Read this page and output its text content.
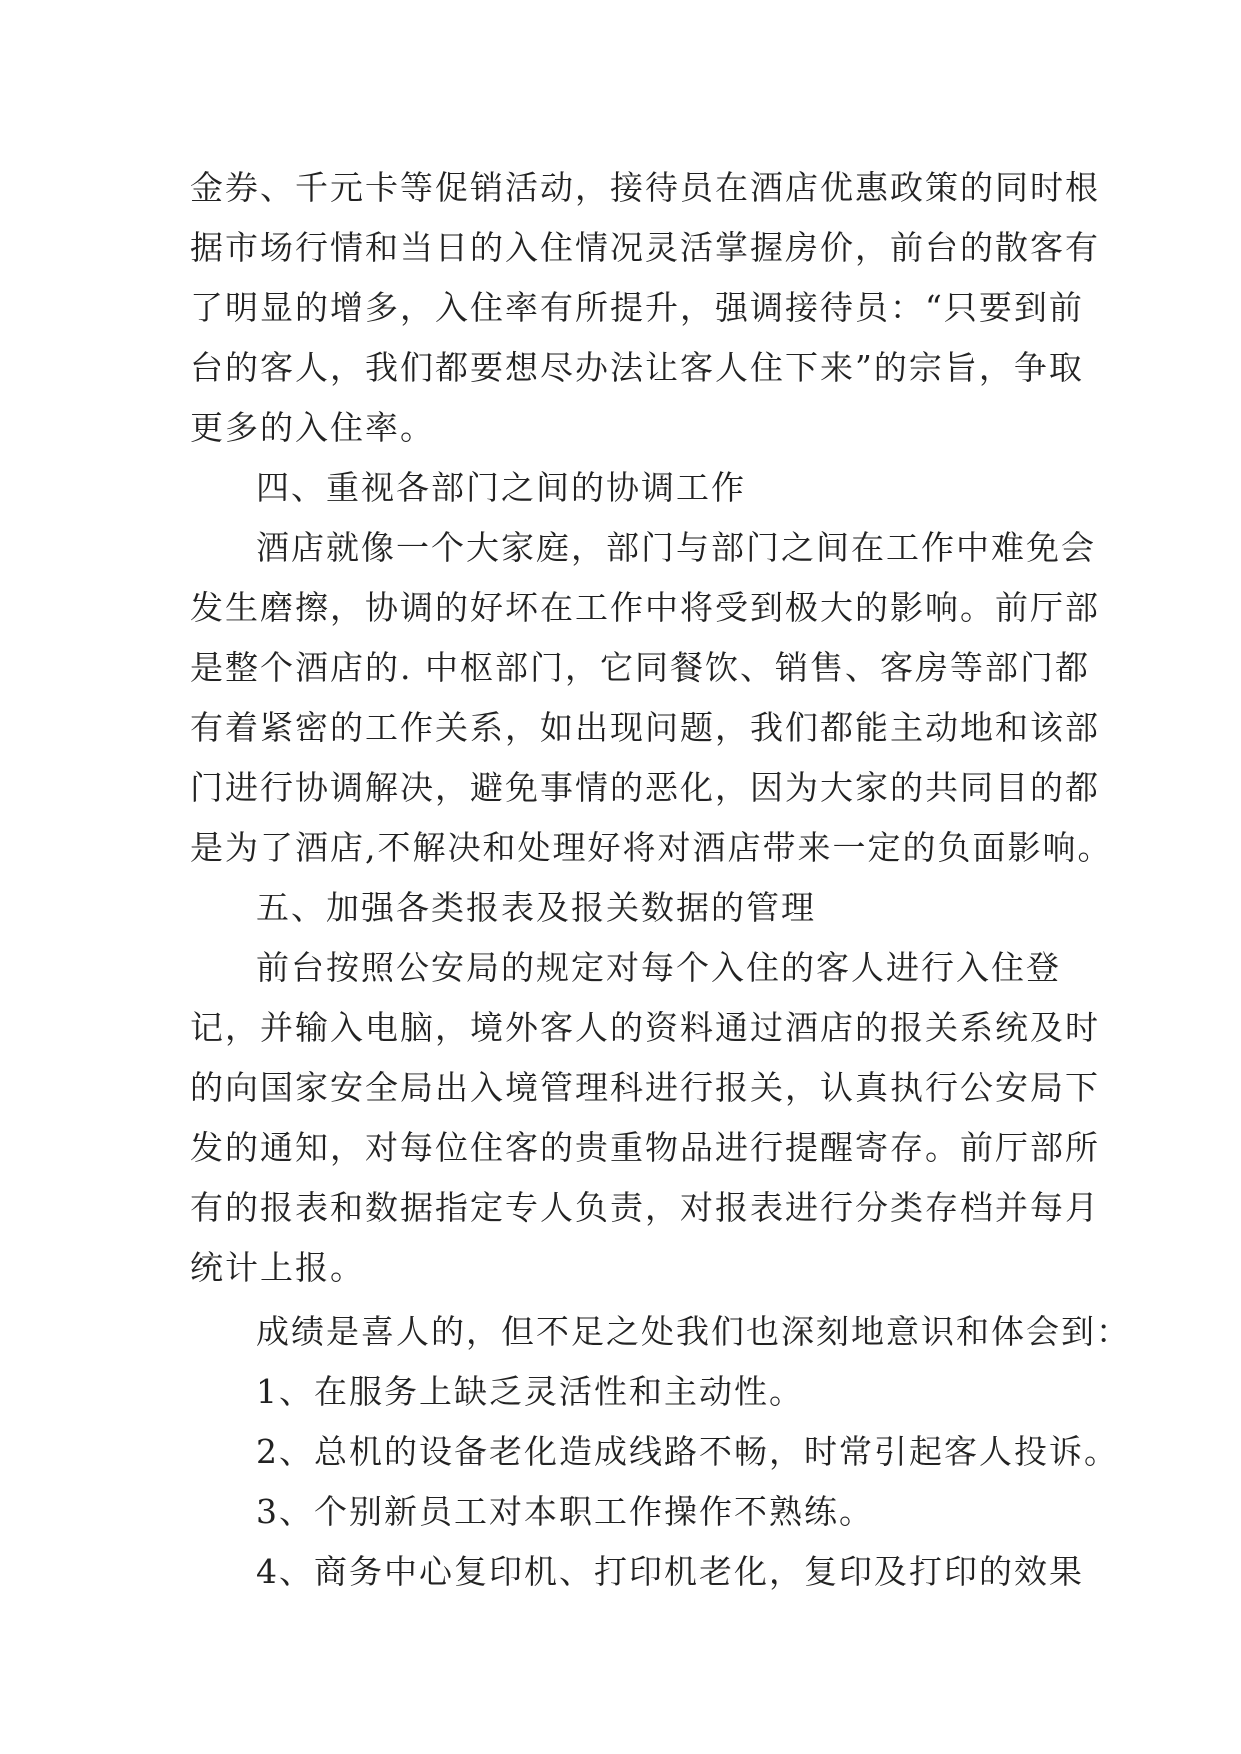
金券、千元卡等促销活动，接待员在酒店优惠政策的同时根
据市场行情和当日的入住情况灵活掌握房价，前台的散客有
了明显的增多，入住率有所提升，强调接待员：“只要到前
台的客人，我们都要想尽办法让客人住下来”的宗旨，争取
更多的入住率。
四、重视各部门之间的协调工作
酒店就像一个大家庭，部门与部门之间在工作中难免会
发生磨擦，协调的好坏在工作中将受到极大的影响。前厅部
是整个酒店的. 中枢部门，它同餐饮、销售、客房等部门都
有着紧密的工作关系，如出现问题，我们都能主动地和该部
门进行协调解决，避免事情的恶化，因为大家的共同目的都
是为了酒店,不解决和处理好将对酒店带来一定的负面影响。
五、加强各类报表及报关数据的管理
前台按照公安局的规定对每个入住的客人进行入住登
记，并输入电脑，境外客人的资料通过酒店的报关系统及时
的向国家安全局出入境管理科进行报关，认真执行公安局下
发的通知，对每位住客的贵重物品进行提醒寄存。前厅部所
有的报表和数据指定专人负责，对报表进行分类存档并每月
统计上报。
成绩是喜人的，但不足之处我们也深刻地意识和体会到：
1、在服务上缺乏灵活性和主动性。
2、总机的设备老化造成线路不畅，时常引起客人投诉。
3、个别新员工对本职工作操作不熟练。
4、商务中心复印机、打印机老化，复印及打印的效果
